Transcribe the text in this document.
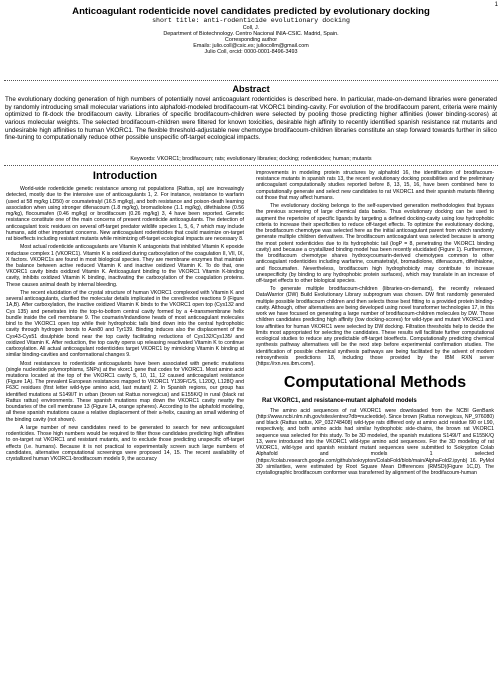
1
Anticoagulant rodenticide novel candidates predicted by evolutionary docking
short title: anti-rodenticide evolutionary docking
Coll, J.
Department of Biotechnology. Centro Nacional INIA-CSIC. Madrid, Spain.
Corresponding author
Emails: julio.coll@csic.es; juliocollm@gmail.com
Julio Coll, orcid: 0000-0001-8496-3493
Abstract
The evolutionary docking generation of high numbers of potentially novel anticoagulant rodenticides is described here. In particular, made-on-demand libraries were generated by randomly introducing small molecular variations into alphafold-modeled brodifacoum-rat VKORC1 binding-cavity. For evolution of the brodifacoum parent, criteria were mainly optimized to fit-dock the brodifacoum cavity. Libraries of specific brodifacoum-children were selected by pooling those predicting higher affinities (lower binding-scores) at various molecular weights. The selected brodifacoum-children were filtered for known toxicities, desirable high affinity to recently identified spanish resistance rat mutants and undesirable high affinities to human VKORC1. The flexible threshold-adjustable new chemotype brodifacoum-children libraries constitute an step forward towards further in silico fine-tuning to computationally reduce other possible unspecific off-target ecological impacts.
Keywords: VKORC1; brodifacoum; rats; evolutionary libraries; docking; rodenticides; human; mutants
Introduction

World-wide rodenticide genetic resistance among rat populations (Rattus, sp) are increasingly detected, mostly due to the intensive use of anticoagulants 1, 2. For instance, resistance to warfarin (used at 58 mg/kg LD50) or coumatetralyl (16.5 mg/kg), and both resistance and poison-death learning association when using stronger difenacoum (1.8 mg/kg), bromadiolone (1.1 mg/kg), difethialone (0.56 mg/kg), flocoumafen (0.46 mg/kg) or brodifacoum (0.26 mg/kg) 3, 4 have been reported. Genetic resistance constitute one of the main concerns of present rodenticide anticoagulants. The detection of anticoagulant toxic residues on several off-target predator wildlife species 1, 5, 6, 7 which may include humans, add other important concerns. New anticoagulant rodenticides that could maximize on-target rat bioeffects including resistant mutants while minimizing off-target ecological impacts are necessary 8.

Most actual rodenticide anticoagulants are Vitamin K antagonists that inhibited Vitamin K epoxide reductase complex 1 (VKORC1). Vitamin K is oxidized during carboxylation of the coagulation II, VII, IX, X factors. VKORC1s are found in most biological species. They are membrane enzymes that maintain the balance between active reduced Vitamin K and inactive oxidized Vitamin K. To do that, one VKORC1 cavity binds oxidized Vitamin K. Anticoagulant binding to the VKORC1 Vitamin K-binding cavity, inhibits oxidized Vitamin K binding, inactivating the carboxylation of the coagulation proteins. These causes animal death by internal bleeding.

The recent elucidation of the crystal structure of human VKORC1 complexed with Vitamin K and several anticoagulants, clarified the molecular details implicated in the cxred/redox reactions 9 (Figure 1A,B). After carboxylation, the inactive oxidized Vitamin K binds to the VKORC1 open top (Cys132 and Cys 135) and penetrates into the top-to-bottom central cavity formed by a 4-transmembrane helix bundle inside the cell membrane 9. The coumarin/indandione heads of most anticoagulant molecules bind to the VKORC1 open top while their hydrophobic tails bind down into the central hydrophobic cavity through hydrogen bonds to Asn80 and Tyr139. Binding induces also the displacement of the Cys43-Cys51 disulphide bond near the top cavity facilitating reductions of Cys132/Cys135/ and oxidized Vitamin K. After reduction, the top cavity opens up releasing reactivated Vitamin K to continue carboxylation. All actual anticoagulant rodenticides target VKORC1 by mimicking Vitamin K binding at similar binding-cavities and conformational changes 9.

Most resistances to rodenticide anticoagulants have been associated with genetic mutations (single nucleotide polymorphisms, SNPs) at the vkorc1 gene that codes for VKORC1. Most amino acid mutations located at the top of the VKORC1 cavity 5, 10, 11, 12 caused anticoagulant resistance (Figure 1A). The prevalent European resistances mapped to VKORC1 Y139F/C/S, L120Q, L128Q and F63C residues (first letter wild-type amino acid, last mutant) 2. In Spanish regions, our group has identified mutations at S149I/T in urban (brown rat Rattus norvegicus) and E155K/Q in rural (black rat Rattus rattus) environments. These spanish mutations map down the VKORC1 cavity nearby the boundaries of the cell membrane 13 (Figure 1A, orange spheres). According to the alphafold modeling, all these spanish mutations cause a relative displacement of their a-helix, causing an small widening of the binding cavity (not shown).

A large number of new candidates need to be generated to search for new anticoagulant rodenticides. Those high numbers would be required to filter those candidates predicting high affinities to on-target rat VKORC1 and resistant mutants, and to exclude those predicting unspecific off-target effects (i.e. humans). Because it is not practical to experimentally screen such large numbers of candidates, alternative computational screenings were proposed 14, 15. The recent availability of crystallized human VKORC1-brodifacoum models 9, the accuracy

improvements in modeling protein structures by alphafold 16, the identification of brodifacoum-resistance mutants in spanish rats 13, the recent evolutionary docking possibilities and the preliminary anticoagulant computationally studies reported before 8, 13, 15, 16, have been combined here to computationally generate and select new candidates to rat VKORC1 and their spanish mutants filtering out those that may affect humans.

The evolutionary docking belongs to the self-supervised generation methodologies that bypass the previous screening of large chemical data banks. Thus evolutionary docking can be used to augment the repertoire of specific ligands by targeting a defined docking-cavity using low hydrophobic criteria to increase their specificities to reduce off-target effects. To optimize the evolutionary docking, the brodifacoum chemotype was selected here as the initial anticoagulant parent from which randomly generate multiple children derivatives. The brodifacoum anticoagulant was selected because is among the most potent rodenticides due to its hydrophobic tail (logP = 8, penetrating the VKORC1 binding cavity) and because a crystallized binding model has been recently elucidated (Figure 1). Furthermore, the brodifacoum chemotype shares hydroxycoumarin-derived chemotypes common to other anticoagulant rodenticides including warfarine, coumatetralyl, bromadiolone, difenacoum, difethialone, and flocoumafen. Nevertheless, brodifacoum high hydrophobicity may contribute to increase unespecificity (by binding to any hydrophobic protein surfaces), which may translate in an increase of off-target effects to other biological species.

To generate multiple brodifacoum-children (libraries-on-demand), the recently released DataWarrior (DW) Build Evolutionary Library subprogram was chosen. DW first randomly generated multiple possible brodifacoum children and then selects those best fitting to a provided protein binding-cavity. Although, other alternatives are being developed using novel transformer technologies 17, in this work we have focused on generating a large number of brodifacoum-children molecules by DW. Those children candidates predicting high affinity (low docking-scores) for wild-type and mutant VKORC1 and low affinities for human VKORC1 were selected by DW docking. Filtration thresholds help to decide the limits most appropriated for selecting the candidates. These results will facilitate further computational ecological studies to reduce any predictable off-target bioeffects. Computationally predicting chemical synthesis pathway alternatives will be the next step before experimental confirmation studies. The identification of possible chemical synthesis pathways are being facilitated by the advent of modern retrosynthesis predictions 18, including those provided by the IBM RXN server (https://rxn.res.ibm.com/).

Computational Methods
Rat VKORC1, and resistance-mutant alphafold models

The amino acid sequences of rat VKORC1 were downloaded from the NCBI GenBank (http://www.ncbi.nlm.nih.gov/sites/entrez?db=nucleotide). Since brown (Rattus norvegicus, NP_976080) and black (Rattus rattus, XP_032748408) wild-type rats differed only at amino acid residue I90 or L90, respectively, and both amino acids had similar hydrophobic side-chains, the brown rat VKORC1 sequence was selected for this study. To be 3D modeled, the spanish mutations S149I/T and E155K/Q 13, were introduced into the VKORC1 wild-type amino acid sequences. For the 3D modeling of rat VKORC1, wild-type and spanish resistant mutant sequences were submitted to Sokrypton Colab Alphafold and models 1 selected (https://colab.research.google.com/github/sokrypton/ColabFold/blob/main/AlphaFold2.ipynb) 16. PyMol 3D similarities, were estimated by Root Square Mean Differences (RMSD)(Figure 1C,D). The crystallographic brodifacoum conformer was transferred by alignment of the brodifacoum-human
